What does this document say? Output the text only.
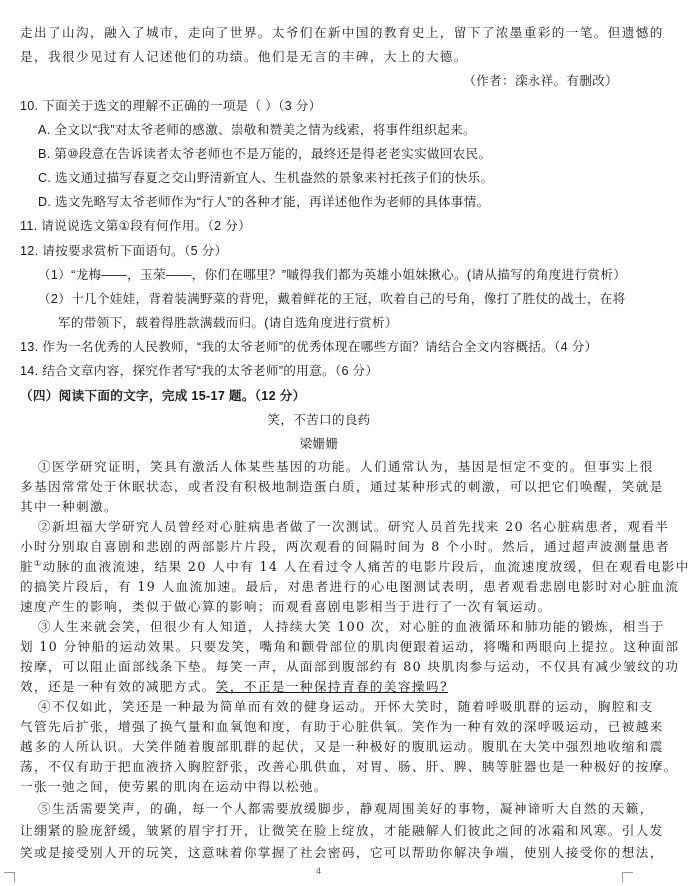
走出了山沟，融入了城市，走向了世界。太爷们在新中国的教育史上，留下了浓墨重彩的一笔。但遗憾的
是，我很少见过有人记述他们的功绩。他们是无言的丰碑，大上的大德。
（作者：滦永祥。有删改）
10. 下面关于选文的理解不正确的一项是（ ）（3 分）
A. 全文以“我”对太爷老师的感激、崇敬和赞美之情为线索，将事件组织起来。
B. 第⑩段意在告诉读者太爷老师也不是万能的，最终还是得老老实实做回农民。
C. 选文通过描写春夏之交山野清新宜人、生机盎然的景象来衬托孩子们的快乐。
D. 选文先略写太爷老师作为“行人”的各种才能，再详述他作为老师的具体事情。
11. 请说说选文第①段有何作用。（2 分）
12. 请按要求赏析下面语句。（5 分）
（1）“龙梅——，玉荣——，你们在哪里？”嘁得我们都为英雄小姐妹揪心。(请从描写的角度进行赏析）
（2）十几个娃娃，背着装满野菜的背兜，戴着鲜花的王冠，吹着自己的号角，像打了胜仗的战士，在将
军的带领下，载着得胜款满载而归。(请自选角度进行赏析）
13. 作为一名优秀的人民教师，“我的太爷老师”的优秀体现在哪些方面？请结合全文内容概括。（4 分）
14. 结合文章内容，探究作者写“我的太爷老师”的用意。（6 分）
（四）阅读下面的文字，完成 15-17 题。（12 分）
笑，不苦口的良药
梁姗姗
①医学研究证明，笑具有激活人体某些基因的功能。人们通常认为，基因是恒定不变的。但事实上很
多基因常常处于休眠状态，或者没有积极地制造蛋白质，通过某种形式的刺激，可以把它们唤醒，笑就是
其中一种刺激。
②新坦福大学研究人员曾经对心脏病患者做了一次测试。研究人员首先找来 20 名心脏病患者，观看半
小时分别取自喜剧和悲剧的两部影片片段，两次观看的间隔时间为 8 个小时。然后，通过超声波测量患者
脏①动脉的血液流速，结果 20 人中有 14 人在看过令人痛苦的电影片段后，血流速度放缓，但在观看电影中
的搞笑片段后，有 19 人血流加速。最后，对患者进行的心电图测试表明，患者观看悲剧电影时对心脏血流
速度产生的影响，类似于做心算的影响；而观看喜剧电影相当于进行了一次有氧运动。
③人生来就会笑，但很少有人知道，人持续大笑 100 次，对心脏的血液循环和肺功能的锻炼，相当于
划 10 分钟船的运动效果。只要发笑，嘴角和颧骨部位的肌肉便跟着运动，将嘴和两眼向上提拉。这种面部
按摩，可以阻止面部线条下垫。每笑一声，从面部到腹部约有 80 块肌肉参与运动，不仅具有减少皱纹的功
效，还是一种有效的减肥方式。笑，不正是一种保持青春的美容操吗?
④不仅如此，笑还是一种最为简单而有效的健身运动。开怀大笑时，随着呼吸肌群的运动，胸腔和支
气管先后扩张，增强了换气量和血氧饱和度，有助于心脏供氧。笑作为一种有效的深呼吸运动，已被越来
越多的人所认识。大笑伴随着腹部肌群的起伏，又是一种极好的腹肌运动。腹肌在大笑中强烈地收缩和震
荡，不仅有助于把血液挤入胸腔舒张，改善心肌供血，对胃、肠、肝、脾、胰等脏器也是一种极好的按摩。
一张一弛之间，使劳累的肌肉在运动中得以松弛。
⑤生活需要笑声，的确，每一个人都需要放缓脚步，静观周围美好的事物，凝神谛听大自然的天籁，
让绷紧的脸庞舒缓，皱紧的眉宇打开，让微笑在脸上绽放，才能融解人们彼此之间的冰霜和风寒。引人发
笑或是接受别人开的玩笑，这意味着你掌握了社会密码，它可以帮助你解决争端，使别人接受你的想法，
4
